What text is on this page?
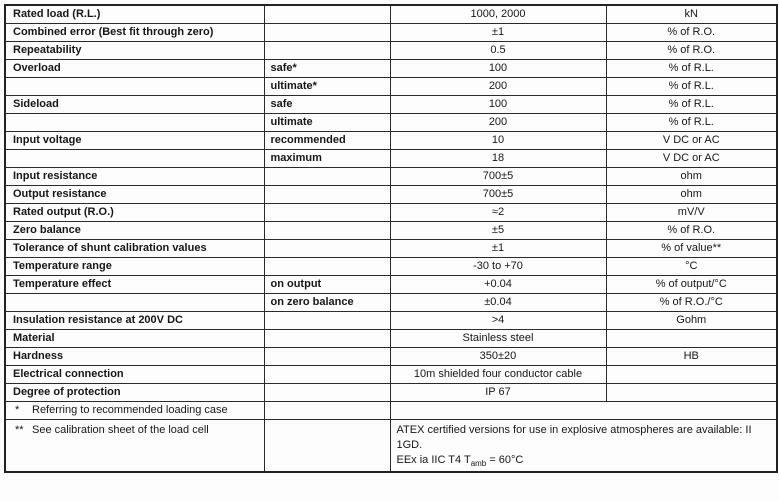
Rated load (R.L.)		1000, 2000	kN
Combined error (Best fit through zero)		±1	% of R.O.
Repeatability		0.5	% of R.O.
Overload	safe*	100	% of R.L.
	ultimate*	200	% of R.L.
Sideload	safe	100	% of R.L.
	ultimate	200	% of R.L.
Input voltage	recommended	10	V DC or AC
	maximum	18	V DC or AC
Input resistance		700±5	ohm
Output resistance		700±5	ohm
Rated output (R.O.)		≈2	mV/V
Zero balance		±5	% of R.O.
Tolerance of shunt calibration values		±1	% of value**
Temperature range		-30 to +70	°C
Temperature effect	on output	+0.04	% of output/°C
	on zero balance	±0.04	% of R.O./°C
Insulation resistance at 200V DC		>4	Gohm
Material		Stainless steel	
Hardness		350±20	HB
Electrical connection		10m shielded four conductor cable	
Degree of protection		IP 67	
* Referring to recommended loading case			
** See calibration sheet of the load cell		ATEX certified versions for use in explosive atmospheres are available: II 1GD.
EEx ia IIC T4 $T_{amb} = 60^\circ C$	
